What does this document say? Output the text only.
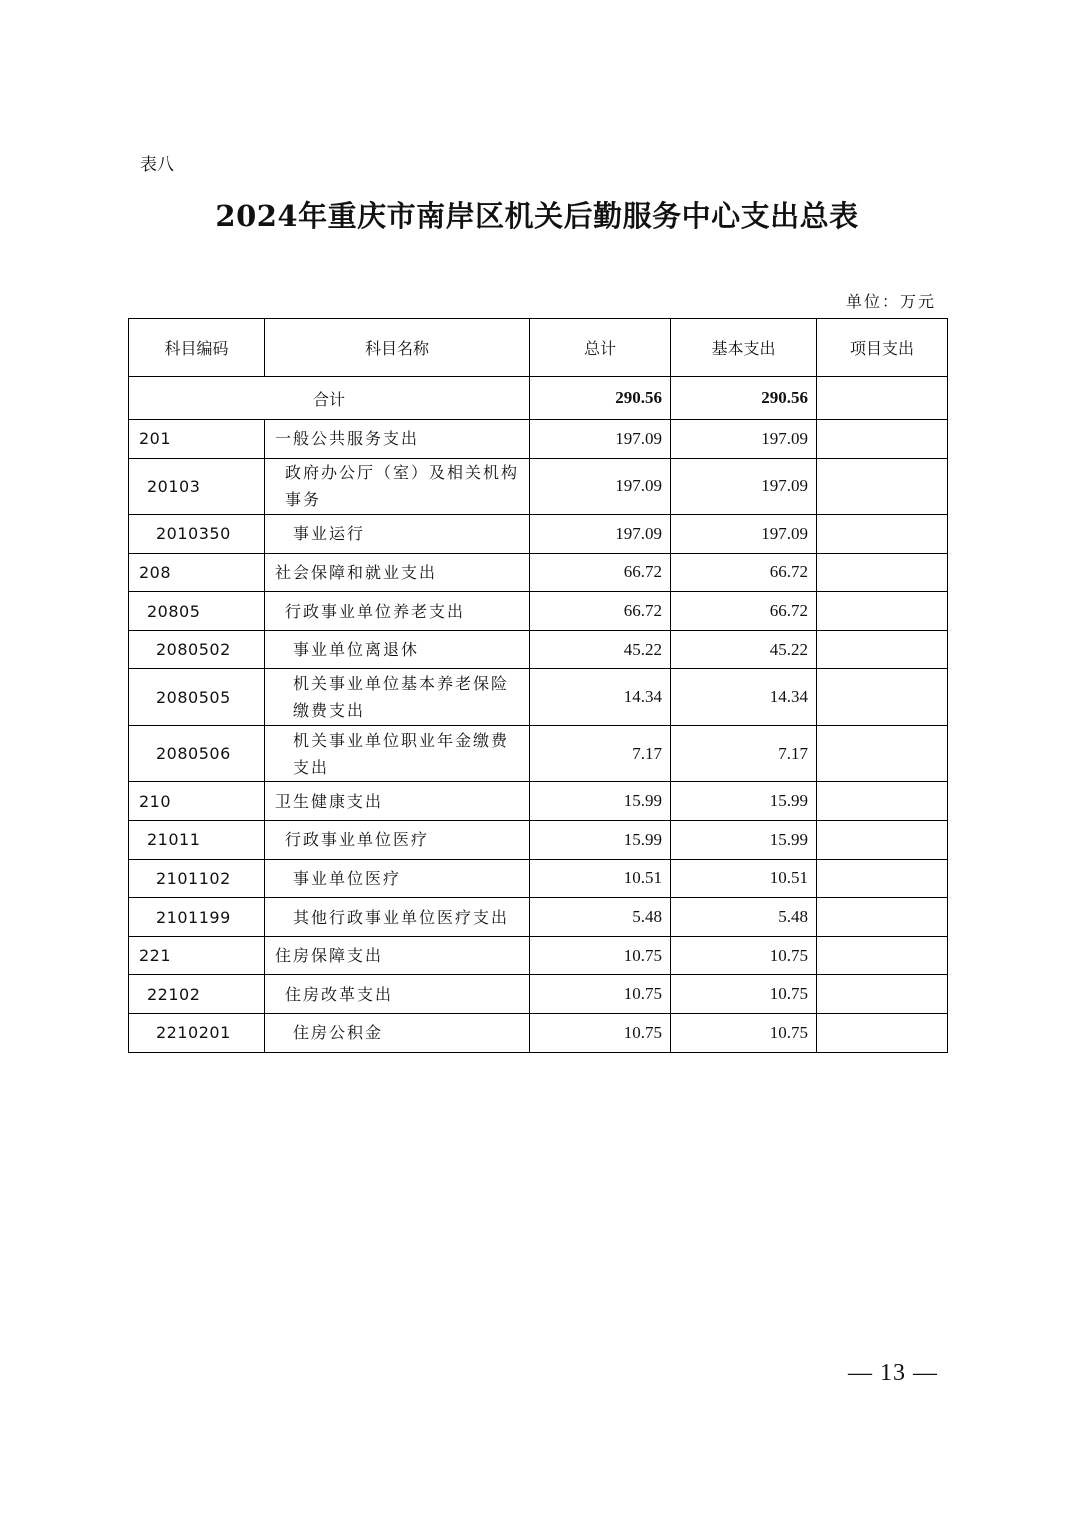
表八
2024年重庆市南岸区机关后勤服务中心支出总表
单位：万元
科目编码	科目名称	总计	基本支出	项目支出
合计		290.56	290.56	
201	一般公共服务支出	197.09	197.09	
20103	政府办公厅（室）及相关机构事务	197.09	197.09	
2010350	事业运行	197.09	197.09	
208	社会保障和就业支出	66.72	66.72	
20805	行政事业单位养老支出	66.72	66.72	
2080502	事业单位离退休	45.22	45.22	
2080505	机关事业单位基本养老保险缴费支出	14.34	14.34	
2080506	机关事业单位职业年金缴费支出	7.17	7.17	
210	卫生健康支出	15.99	15.99	
21011	行政事业单位医疗	15.99	15.99	
2101102	事业单位医疗	10.51	10.51	
2101199	其他行政事业单位医疗支出	5.48	5.48	
221	住房保障支出	10.75	10.75	
22102	住房改革支出	10.75	10.75	
2210201	住房公积金	10.75	10.75	
— 13 —
